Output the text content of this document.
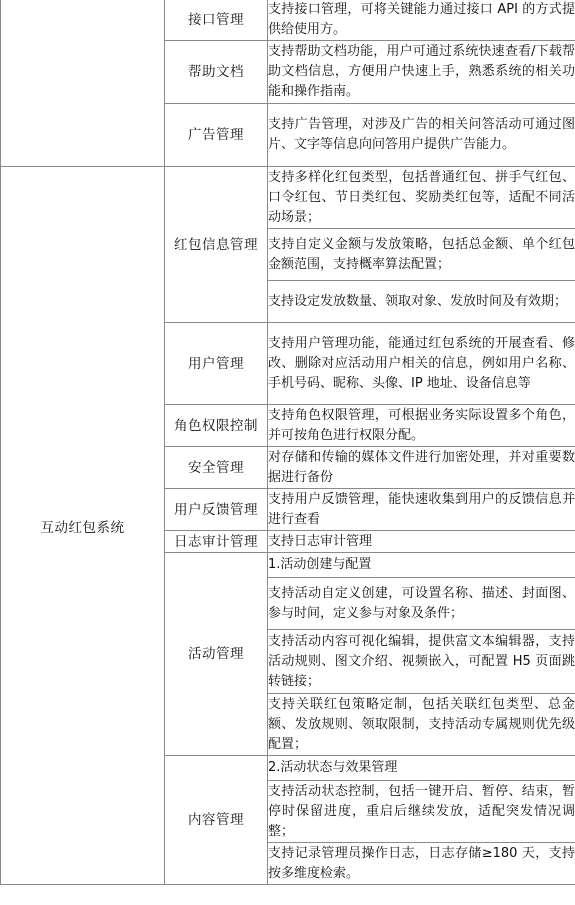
	接口管理	支持接口管理，可将关键能力通过接口 API 的方式提供给使用方。

	帮助文档	支持帮助文档功能，用户可通过系统快速查看/下载帮助文档信息，方便用户快速上手，熟悉系统的相关功能和操作指南。

	广告管理	支持广告管理，对涉及广告的相关问答活动可通过图片、文字等信息向问答用户提供广告能力。

互动红包系统	红包信息管理	支持多样化红包类型，包括普通红包、拼手气红包、口令红包、节日类红包、奖励类红包等，适配不同活动场景；

		支持自定义金额与发放策略，包括总金额、单个红包金额范围，支持概率算法配置；

		支持设定发放数量、领取对象、发放时间及有效期；

	用户管理	支持用户管理功能，能通过红包系统的开展查看、修改、删除对应活动用户相关的信息，例如用户名称、手机号码、昵称、头像、IP 地址、设备信息等

	角色权限控制	支持角色权限管理，可根据业务实际设置多个角色，并可按角色进行权限分配。

	安全管理	对存储和传输的媒体文件进行加密处理，并对重要数据进行备份

	用户反馈管理	支持用户反馈管理，能快速收集到用户的反馈信息并进行查看

	日志审计管理	支持日志审计管理

	活动管理	1.活动创建与配置

		支持活动自定义创建，可设置名称、描述、封面图、参与时间，定义参与对象及条件；

		支持活动内容可视化编辑，提供富文本编辑器，支持活动规则、图文介绍、视频嵌入，可配置 H5 页面跳转链接；

		支持关联红包策略定制，包括关联红包类型、总金额、发放规则、领取限制，支持活动专属规则优先级配置；

	内容管理	2.活动状态与效果管理

		支持活动状态控制，包括一键开启、暂停、结束，暂停时保留进度，重启后继续发放，适配突发情况调整；

		支持记录管理员操作日志，日志存储≥180 天，支持按多维度检索。
